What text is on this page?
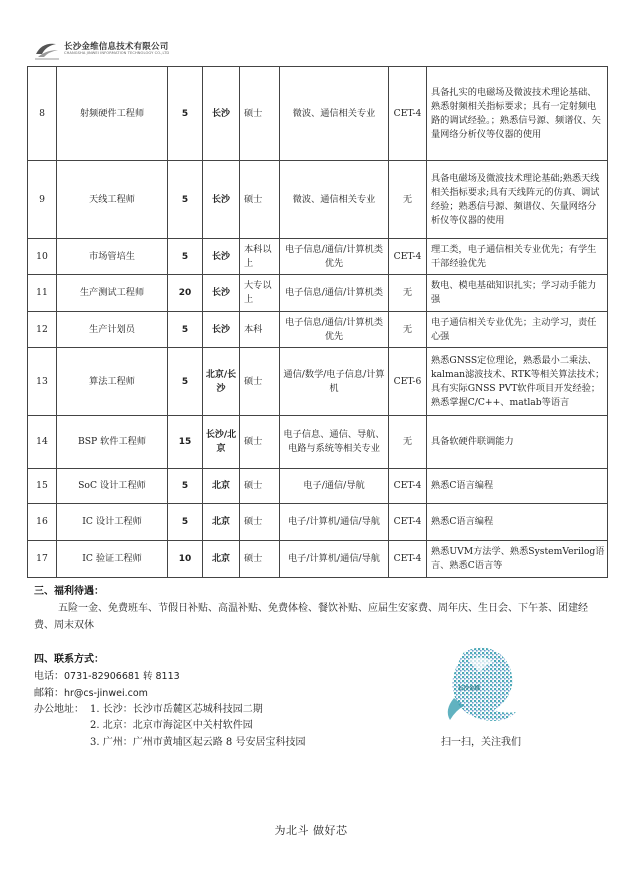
长沙金维信息技术有限公司
CHANGSHA JINWEI INFORMATION TECHNOLOGY CO.,LTD
8	射频硬件工程师	5	长沙	硕士	微波、通信相关专业	CET-4	具备扎实的电磁场及微波技术理论基础、熟悉射频相关指标要求；具有一定射频电路的调试经验。；熟悉信号源、频谱仪、矢量网络分析仪等仪器的使用
9	天线工程师	5	长沙	硕士	微波、通信相关专业	无	具备电磁场及微波技术理论基础;熟悉天线相关指标要求;具有天线阵元的仿真、调试经验；熟悉信号源、频谱仪、矢量网络分析仪等仪器的使用
10	市场管培生	5	长沙	本科以上	电子信息/通信/计算机类优先	CET-4	理工类，电子通信相关专业优先；有学生干部经验优先
11	生产测试工程师	20	长沙	大专以上	电子信息/通信/计算机类	无	数电、模电基础知识扎实；学习动手能力强
12	生产计划员	5	长沙	本科	电子信息/通信/计算机类优先	无	电子通信相关专业优先；主动学习，责任心强
13	算法工程师	5	北京/长沙	硕士	通信/数学/电子信息/计算机	CET-6	熟悉GNSS定位理论，熟悉最小二乘法、kalman滤波技术、RTK等相关算法技术；具有实际GNSS PVT软件项目开发经验；熟悉掌握C/C++、matlab等语言
14	BSP 软件工程师	15	长沙/北京	硕士	电子信息、通信、导航、电路与系统等相关专业	无	具备软硬件联调能力
15	SoC 设计工程师	5	北京	硕士	电子/通信/导航	CET-4	熟悉C语言编程
16	IC 设计工程师	5	北京	硕士	电子/计算机/通信/导航	CET-4	熟悉C语言编程
17	IC 验证工程师	10	北京	硕士	电子/计算机/通信/导航	CET-4	熟悉UVM方法学、熟悉SystemVerilog语言、熟悉C语言等
三、福利待遇：
五险一金、免费班车、节假日补贴、高温补贴、免费体检、餐饮补贴、应届生安家费、周年庆、生日会、下午茶、团建经费、周末双休
四、联系方式：
电话：0731-82906681 转 8113
邮箱：hr@cs-jinwei.com
办公地址： 1. 长沙：长沙市岳麓区芯城科技园二期
2. 北京：北京市海淀区中关村软件园
3. 广州：广州市黄埔区起云路 8 号安居宝科技园
长沙金维
扫一扫，关注我们
为北斗 做好芯
